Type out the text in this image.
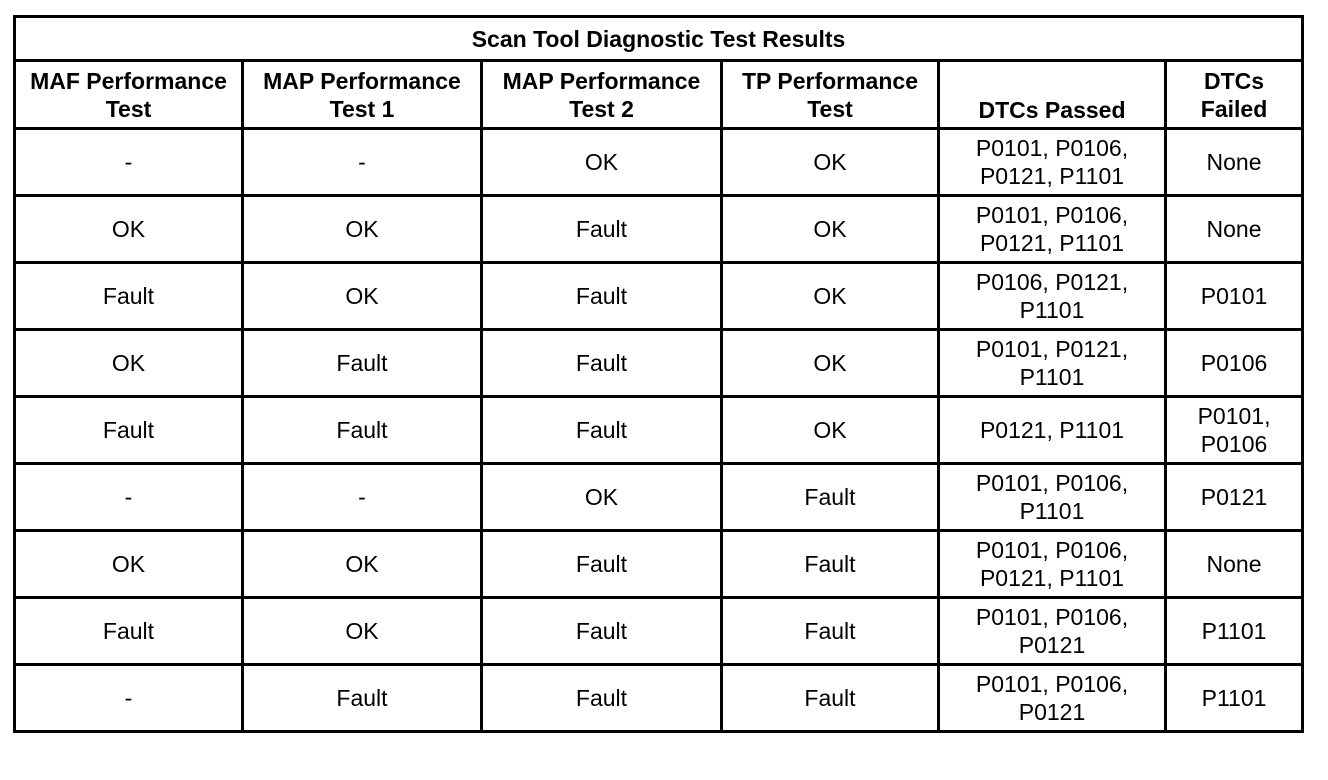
Scan Tool Diagnostic Test Results					
MAF Performance Test	MAP Performance Test 1	MAP Performance Test 2	TP Performance Test	DTCs Passed	DTCs Failed
-	-	OK	OK	P0101, P0106, P0121, P1101	None
OK	OK	Fault	OK	P0101, P0106, P0121, P1101	None
Fault	OK	Fault	OK	P0106, P0121, P1101	P0101
OK	Fault	Fault	OK	P0101, P0121, P1101	P0106
Fault	Fault	Fault	OK	P0121, P1101	P0101, P0106
-	-	OK	Fault	P0101, P0106, P1101	P0121
OK	OK	Fault	Fault	P0101, P0106, P0121, P1101	None
Fault	OK	Fault	Fault	P0101, P0106, P0121	P1101
-	Fault	Fault	Fault	P0101, P0106, P0121	P1101
